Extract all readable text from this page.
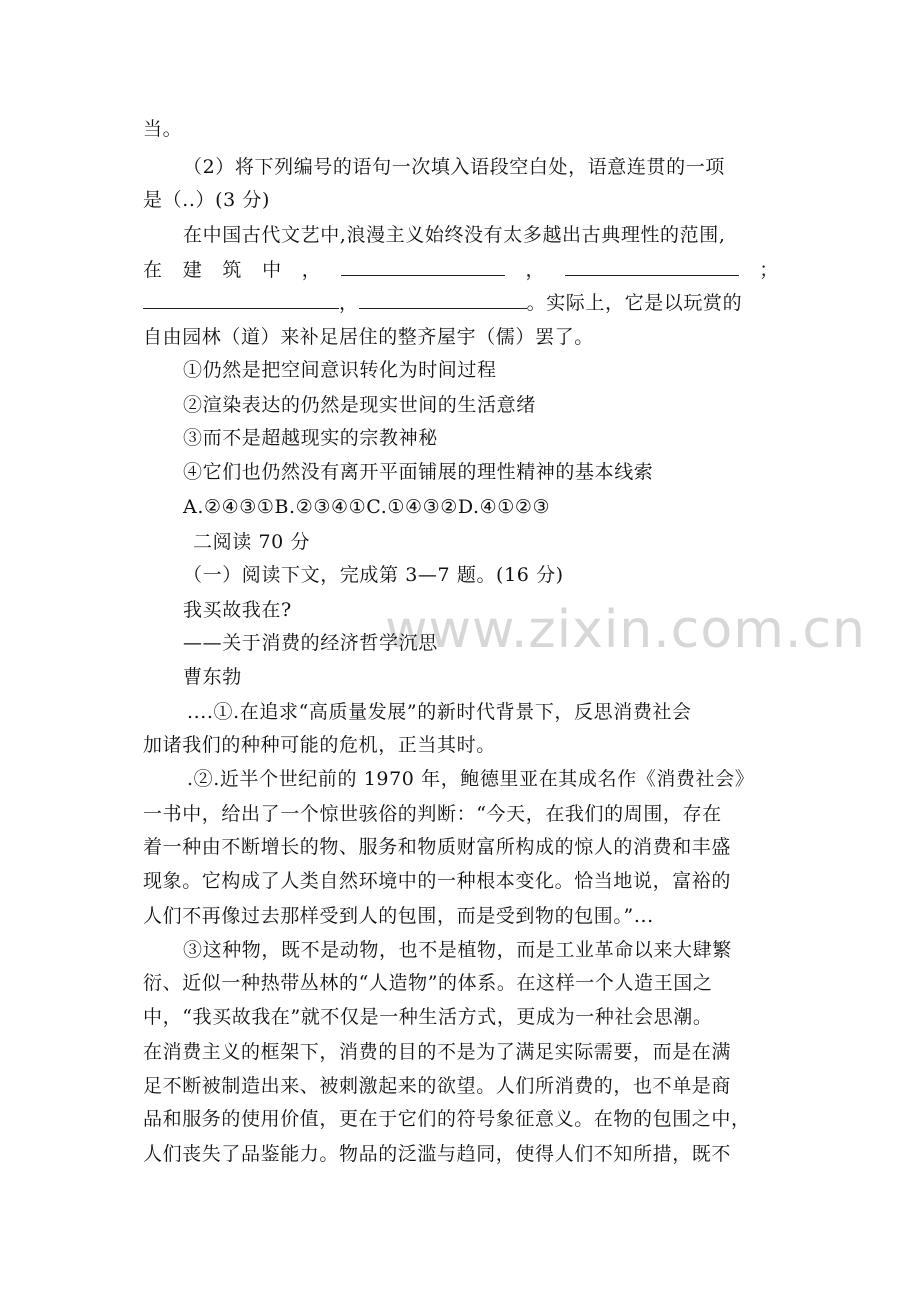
www.zixin.com.cn
当。
（2）将下列编号的语句一次填入语段空白处，语意连贯的一项
是（..）(3 分)
在中国古代文艺中,浪漫主义始终没有太多越出古典理性的范围,
在 建 筑 中 ，	，	；
，	。实际上，它是以玩赏的
自由园林（道）来补足居住的整齐屋宇（儒）罢了。
①仍然是把空间意识转化为时间过程
②渲染表达的仍然是现实世间的生活意绪
③而不是超越现实的宗教神秘
④它们也仍然没有离开平面铺展的理性精神的基本线索
A.②④③①B.②③④①C.①④③②D.④①②③
二阅读 70 分
（一）阅读下文，完成第 3—7 题。(16 分)
我买故我在?
——关于消费的经济哲学沉思
曹东勃
....①.在追求“高质量发展”的新时代背景下，反思消费社会
加诸我们的种种可能的危机，正当其时。
.②.近半个世纪前的 1970 年，鲍德里亚在其成名作《消费社会》
一书中，给出了一个惊世骇俗的判断：“今天，在我们的周围，存在
着一种由不断增长的物、服务和物质财富所构成的惊人的消费和丰盛
现象。它构成了人类自然环境中的一种根本变化。恰当地说，富裕的
人们不再像过去那样受到人的包围，而是受到物的包围。”...
③这种物，既不是动物，也不是植物，而是工业革命以来大肆繁
衍、近似一种热带丛林的“人造物”的体系。在这样一个人造王国之
中，“我买故我在”就不仅是一种生活方式，更成为一种社会思潮。
在消费主义的框架下，消费的目的不是为了满足实际需要，而是在满
足不断被制造出来、被刺激起来的欲望。人们所消费的，也不单是商
品和服务的使用价值，更在于它们的符号象征意义。在物的包围之中，
人们丧失了品鉴能力。物品的泛滥与趋同，使得人们不知所措，既不
